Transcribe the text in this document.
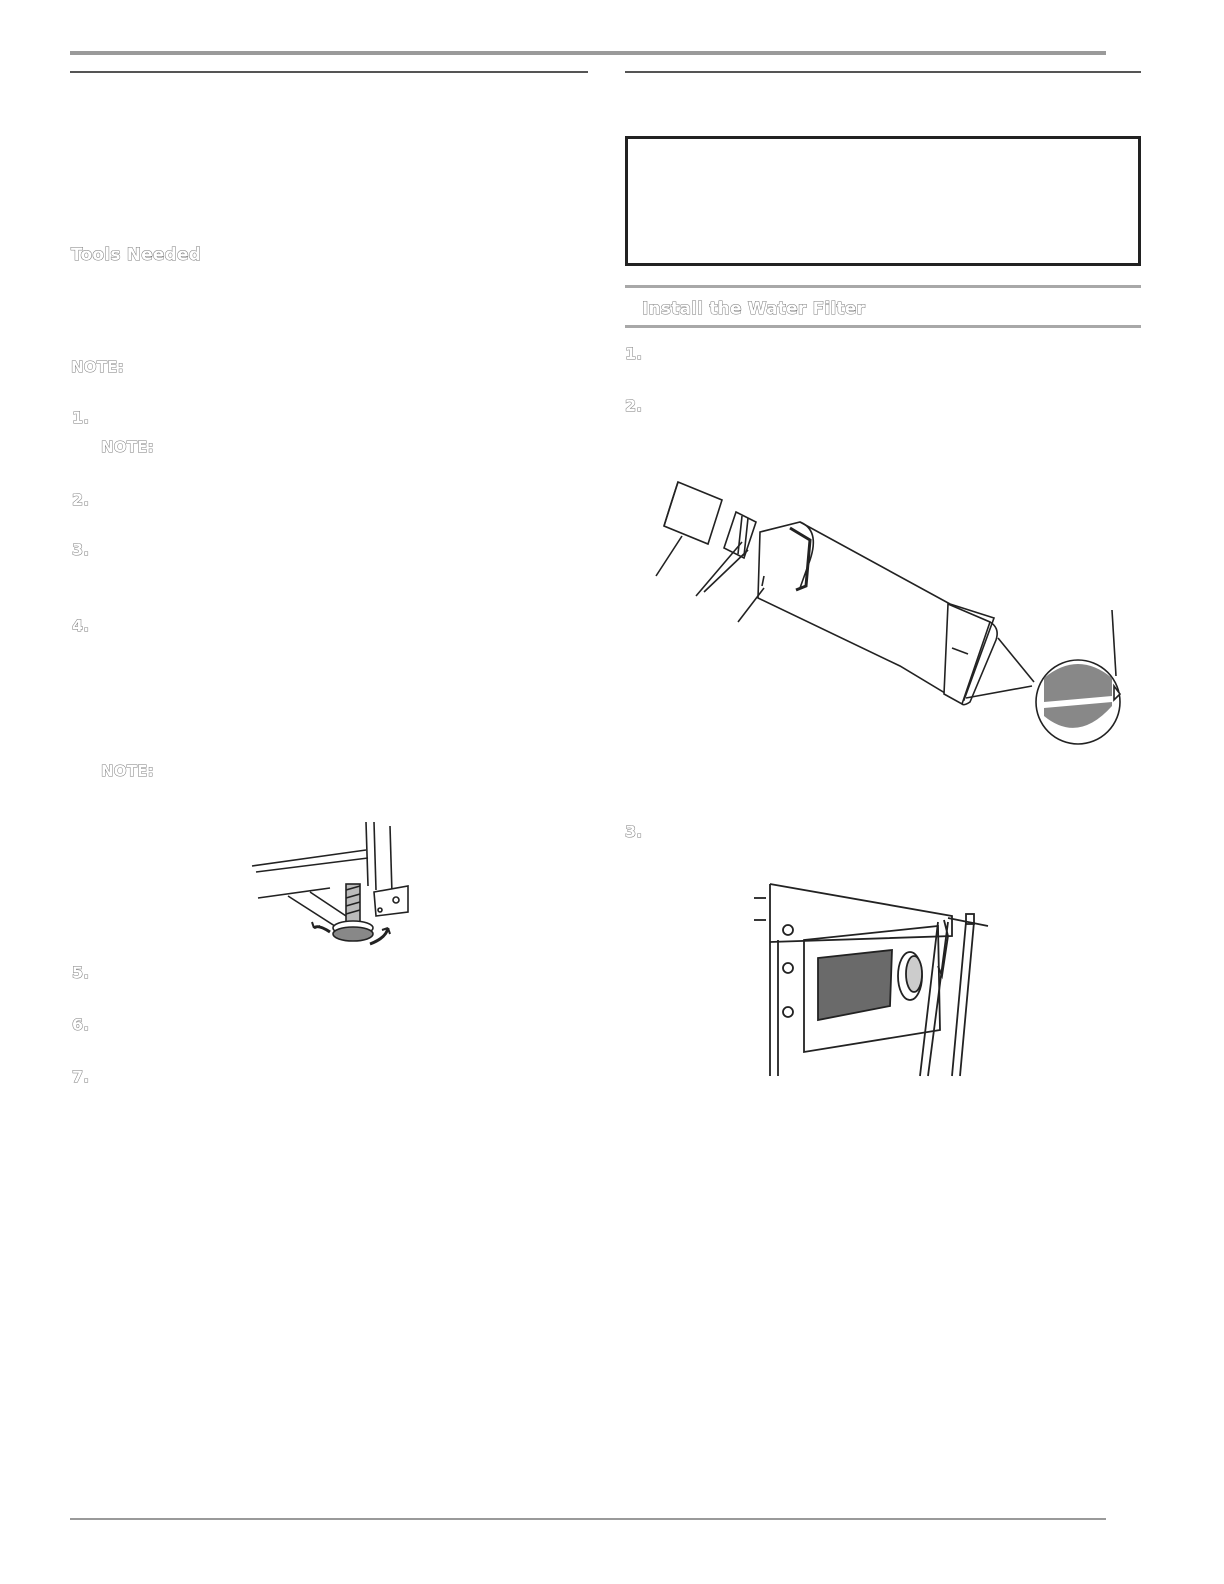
Tools Needed
NOTE:
1.
NOTE:
2.
3.
4.
NOTE:
5.
6.
7.
Install the Water Filter
1.
2.
3.
